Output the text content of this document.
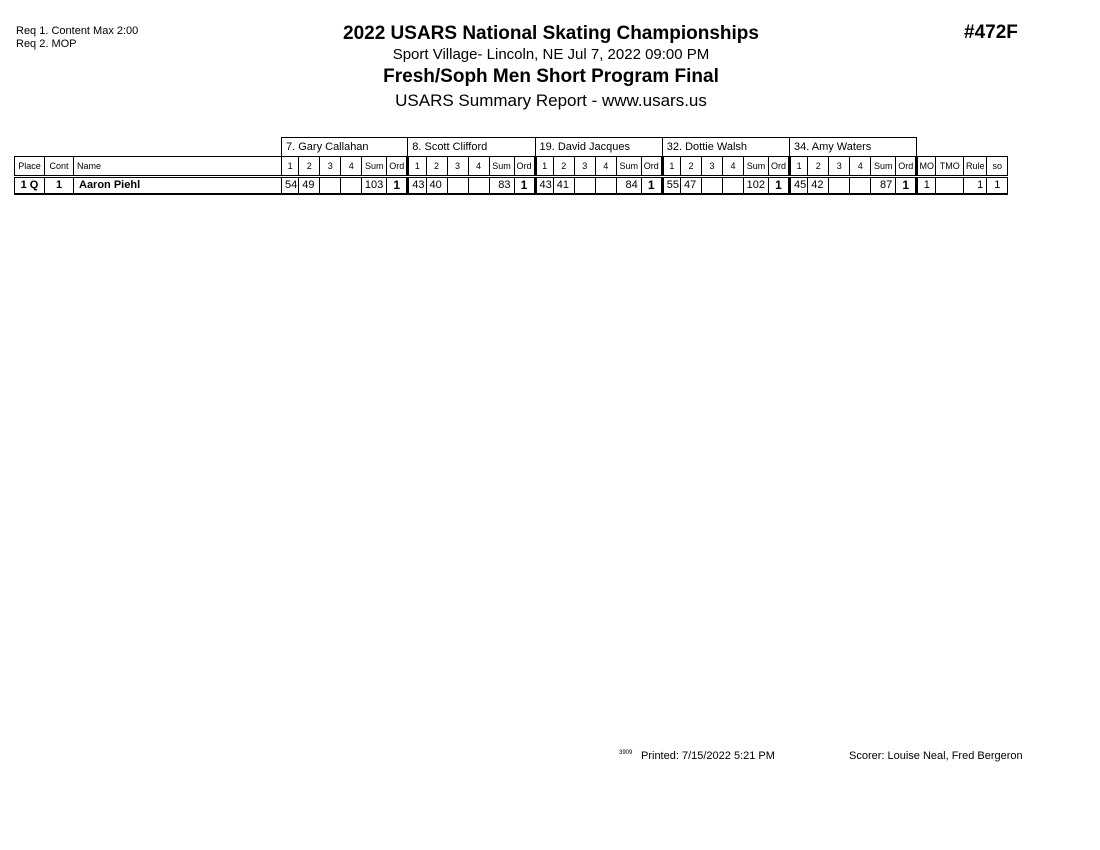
Req 1. Content Max 2:00
Req 2. MOP	2022 USARS National Skating Championships
Sport Village- Lincoln, NE Jul 7, 2022 09:00 PM
Fresh/Soph Men Short Program Final
USARS Summary Report - www.usars.us
#472F
			7. Gary Callahan						8. Scott Clifford						19. David Jacques						32. Dottie Walsh						34. Amy Waters									
Place	Cont	Name	1	2	3	4	Sum	Ord	1	2	3	4	Sum	Ord	1	2	3	4	Sum	Ord	1	2	3	4	Sum	Ord	1	2	3	4	Sum	Ord	MO	TMO	Rule	so
1 Q	1	Aaron Piehl	54	49			103	1	43	40			83	1	43	41			84	1	55	47			102	1	45	42			87	1	1		1	1
3909 Printed: 7/15/2022 5:21 PM	Scorer: Louise Neal, Fred Bergeron
